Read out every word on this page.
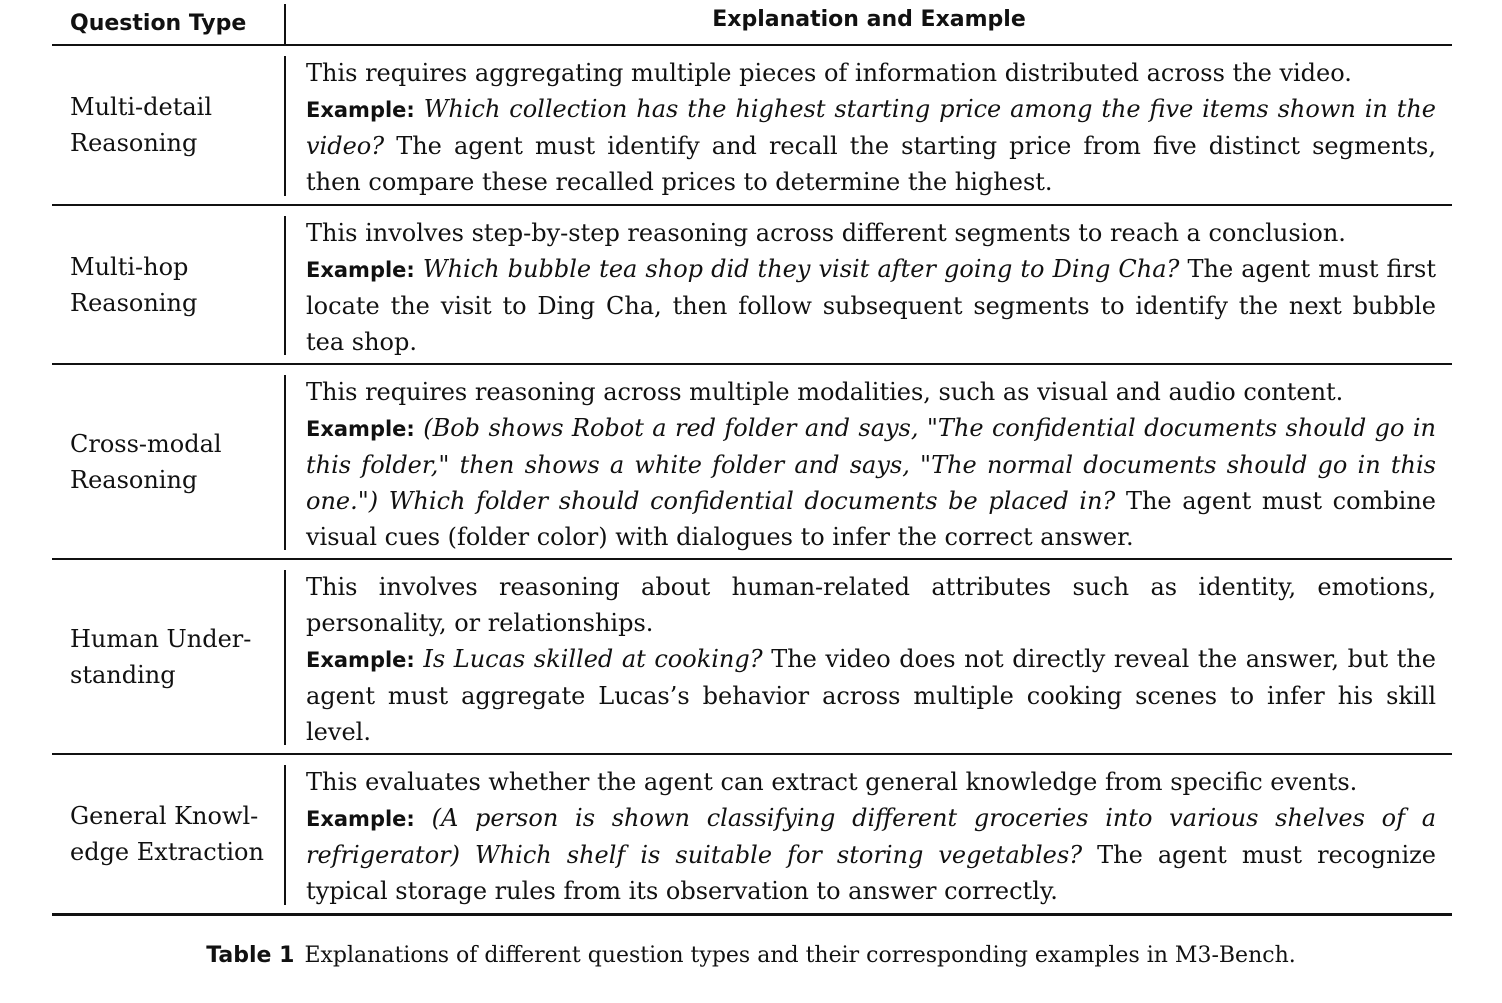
Question Type	Explanation and Example
Multi-detail Reasoning
This requires aggregating multiple pieces of information distributed across the video.
Example: Which collection has the highest starting price among the five items shown in the video? The agent must identify and recall the starting price from five distinct segments, then compare these recalled prices to determine the highest.
Multi-hop Reasoning
This involves step-by-step reasoning across different segments to reach a conclusion.
Example: Which bubble tea shop did they visit after going to Ding Cha? The agent must first locate the visit to Ding Cha, then follow subsequent segments to identify the next bubble tea shop.
Cross-modal Reasoning
This requires reasoning across multiple modalities, such as visual and audio content.
Example: (Bob shows Robot a red folder and says, "The confidential documents should go in this folder," then shows a white folder and says, "The normal documents should go in this one.") Which folder should confidential documents be placed in? The agent must combine visual cues (folder color) with dialogues to infer the correct answer.
Human Under-standing
This involves reasoning about human-related attributes such as identity, emotions, personality, or relationships.
Example: Is Lucas skilled at cooking? The video does not directly reveal the answer, but the agent must aggregate Lucas’s behavior across multiple cooking scenes to infer his skill level.
General Knowl-edge Extraction
This evaluates whether the agent can extract general knowledge from specific events.
Example: (A person is shown classifying different groceries into various shelves of a refrigerator) Which shelf is suitable for storing vegetables? The agent must recognize typical storage rules from its observation to answer correctly.
Table 1 Explanations of different question types and their corresponding examples in M3-Bench.
